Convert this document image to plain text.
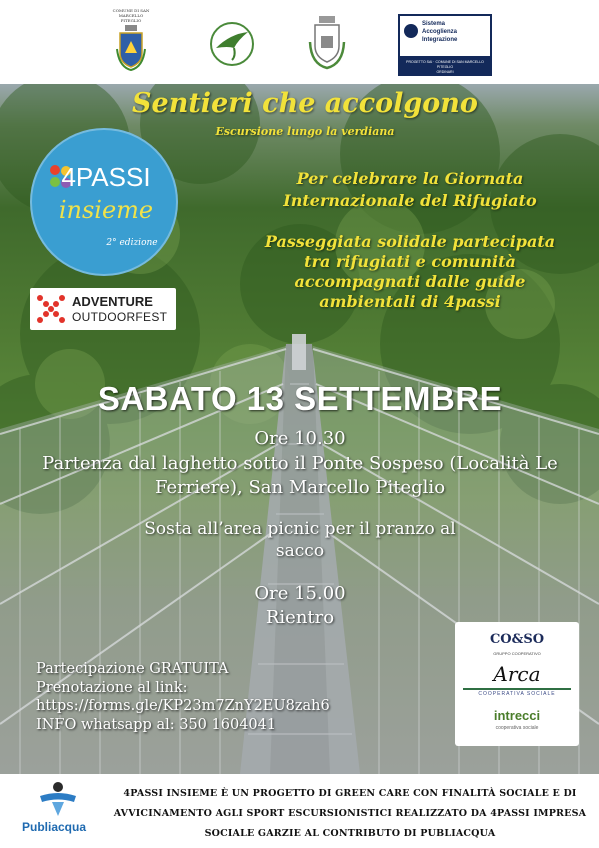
COMUNE DI SAN MARCELLO PITEGLIO
Sistema
Accoglienza
Integrazione
PROGETTO SAI · COMUNE DI SAN MARCELLO PITEGLIO
ORDINARI
Sentieri che accolgono
Escursione lungo la verdiana
Per celebrare la Giornata Internazionale del Rifugiato
Passeggiata solidale partecipata tra rifugiati e comunità accompagnati dalle guide ambientali di 4passi
4PASSI
insieme
2° edizione
ADVENTURE
OUTDOORFEST
SABATO 13 SETTEMBRE
Ore 10.30
Partenza dal laghetto sotto il Ponte Sospeso (Località Le Ferriere), San Marcello Piteglio
Sosta all’area picnic per il pranzo al sacco
Ore 15.00
Rientro
Partecipazione GRATUITA
Prenotazione al link:
https://forms.gle/KP23m7ZnY2EU8zah6
INFO whatsapp al: 350 1604041
CO&SO
GRUPPO COOPERATIVO
Arca
COOPERATIVA SOCIALE
intrecci
cooperativa sociale
Publiacqua
4PASSI INSIEME È UN PROGETTO DI GREEN CARE CON FINALITÀ SOCIALE E DI AVVICINAMENTO AGLI SPORT ESCURSIONISTICI REALIZZATO DA 4PASSI IMPRESA SOCIALE GARZIE AL CONTRIBUTO DI PUBLIACQUA
